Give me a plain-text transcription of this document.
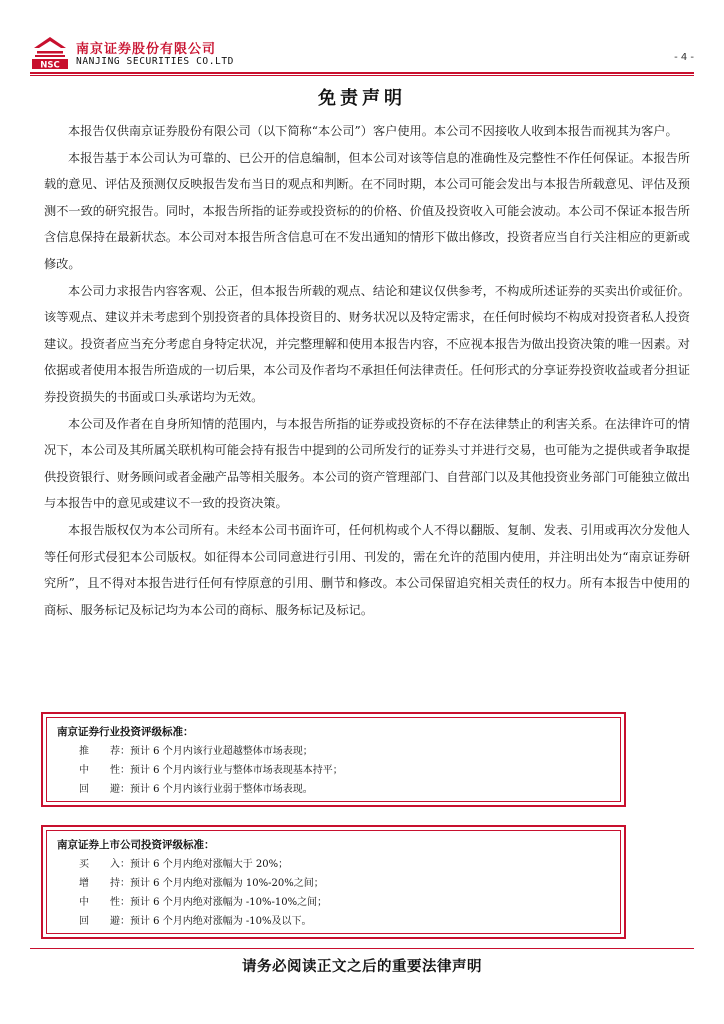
NSC
南京证券股份有限公司
NANJING SECURITIES CO.LTD	- 4 -
免责声明

本报告仅供南京证券股份有限公司（以下简称“本公司”）客户使用。本公司不因接收人收到本报告而视其为客户。

本报告基于本公司认为可靠的、已公开的信息编制，但本公司对该等信息的准确性及完整性不作任何保证。本报告所载的意见、评估及预测仅反映报告发布当日的观点和判断。在不同时期，本公司可能会发出与本报告所载意见、评估及预测不一致的研究报告。同时，本报告所指的证券或投资标的的价格、价值及投资收入可能会波动。本公司不保证本报告所含信息保持在最新状态。本公司对本报告所含信息可在不发出通知的情形下做出修改，投资者应当自行关注相应的更新或修改。

本公司力求报告内容客观、公正，但本报告所载的观点、结论和建议仅供参考，不构成所述证券的买卖出价或征价。该等观点、建议并未考虑到个别投资者的具体投资目的、财务状况以及特定需求，在任何时候均不构成对投资者私人投资建议。投资者应当充分考虑自身特定状况，并完整理解和使用本报告内容，不应视本报告为做出投资决策的唯一因素。对依据或者使用本报告所造成的一切后果，本公司及作者均不承担任何法律责任。任何形式的分享证券投资收益或者分担证券投资损失的书面或口头承诺均为无效。

本公司及作者在自身所知情的范围内，与本报告所指的证券或投资标的不存在法律禁止的利害关系。在法律许可的情况下，本公司及其所属关联机构可能会持有报告中提到的公司所发行的证券头寸并进行交易，也可能为之提供或者争取提供投资银行、财务顾问或者金融产品等相关服务。本公司的资产管理部门、自营部门以及其他投资业务部门可能独立做出与本报告中的意见或建议不一致的投资决策。

本报告版权仅为本公司所有。未经本公司书面许可，任何机构或个人不得以翻版、复制、发表、引用或再次分发他人等任何形式侵犯本公司版权。如征得本公司同意进行引用、刊发的，需在允许的范围内使用，并注明出处为“南京证券研究所”，且不得对本报告进行任何有悖原意的引用、删节和修改。本公司保留追究相关责任的权力。所有本报告中使用的商标、服务标记及标记均为本公司的商标、服务标记及标记。

南京证券行业投资评级标准：
推荐 ： 预计 6 个月内该行业超越整体市场表现；
中性 ： 预计 6 个月内该行业与整体市场表现基本持平；
回避 ： 预计 6 个月内该行业弱于整体市场表现。
南京证券上市公司投资评级标准：
买入 ： 预计 6 个月内绝对涨幅大于 20%；
增持 ： 预计 6 个月内绝对涨幅为 10%-20%之间；
中性 ： 预计 6 个月内绝对涨幅为 -10%-10%之间；
回避 ： 预计 6 个月内绝对涨幅为 -10%及以下。
请务必阅读正文之后的重要法律声明
